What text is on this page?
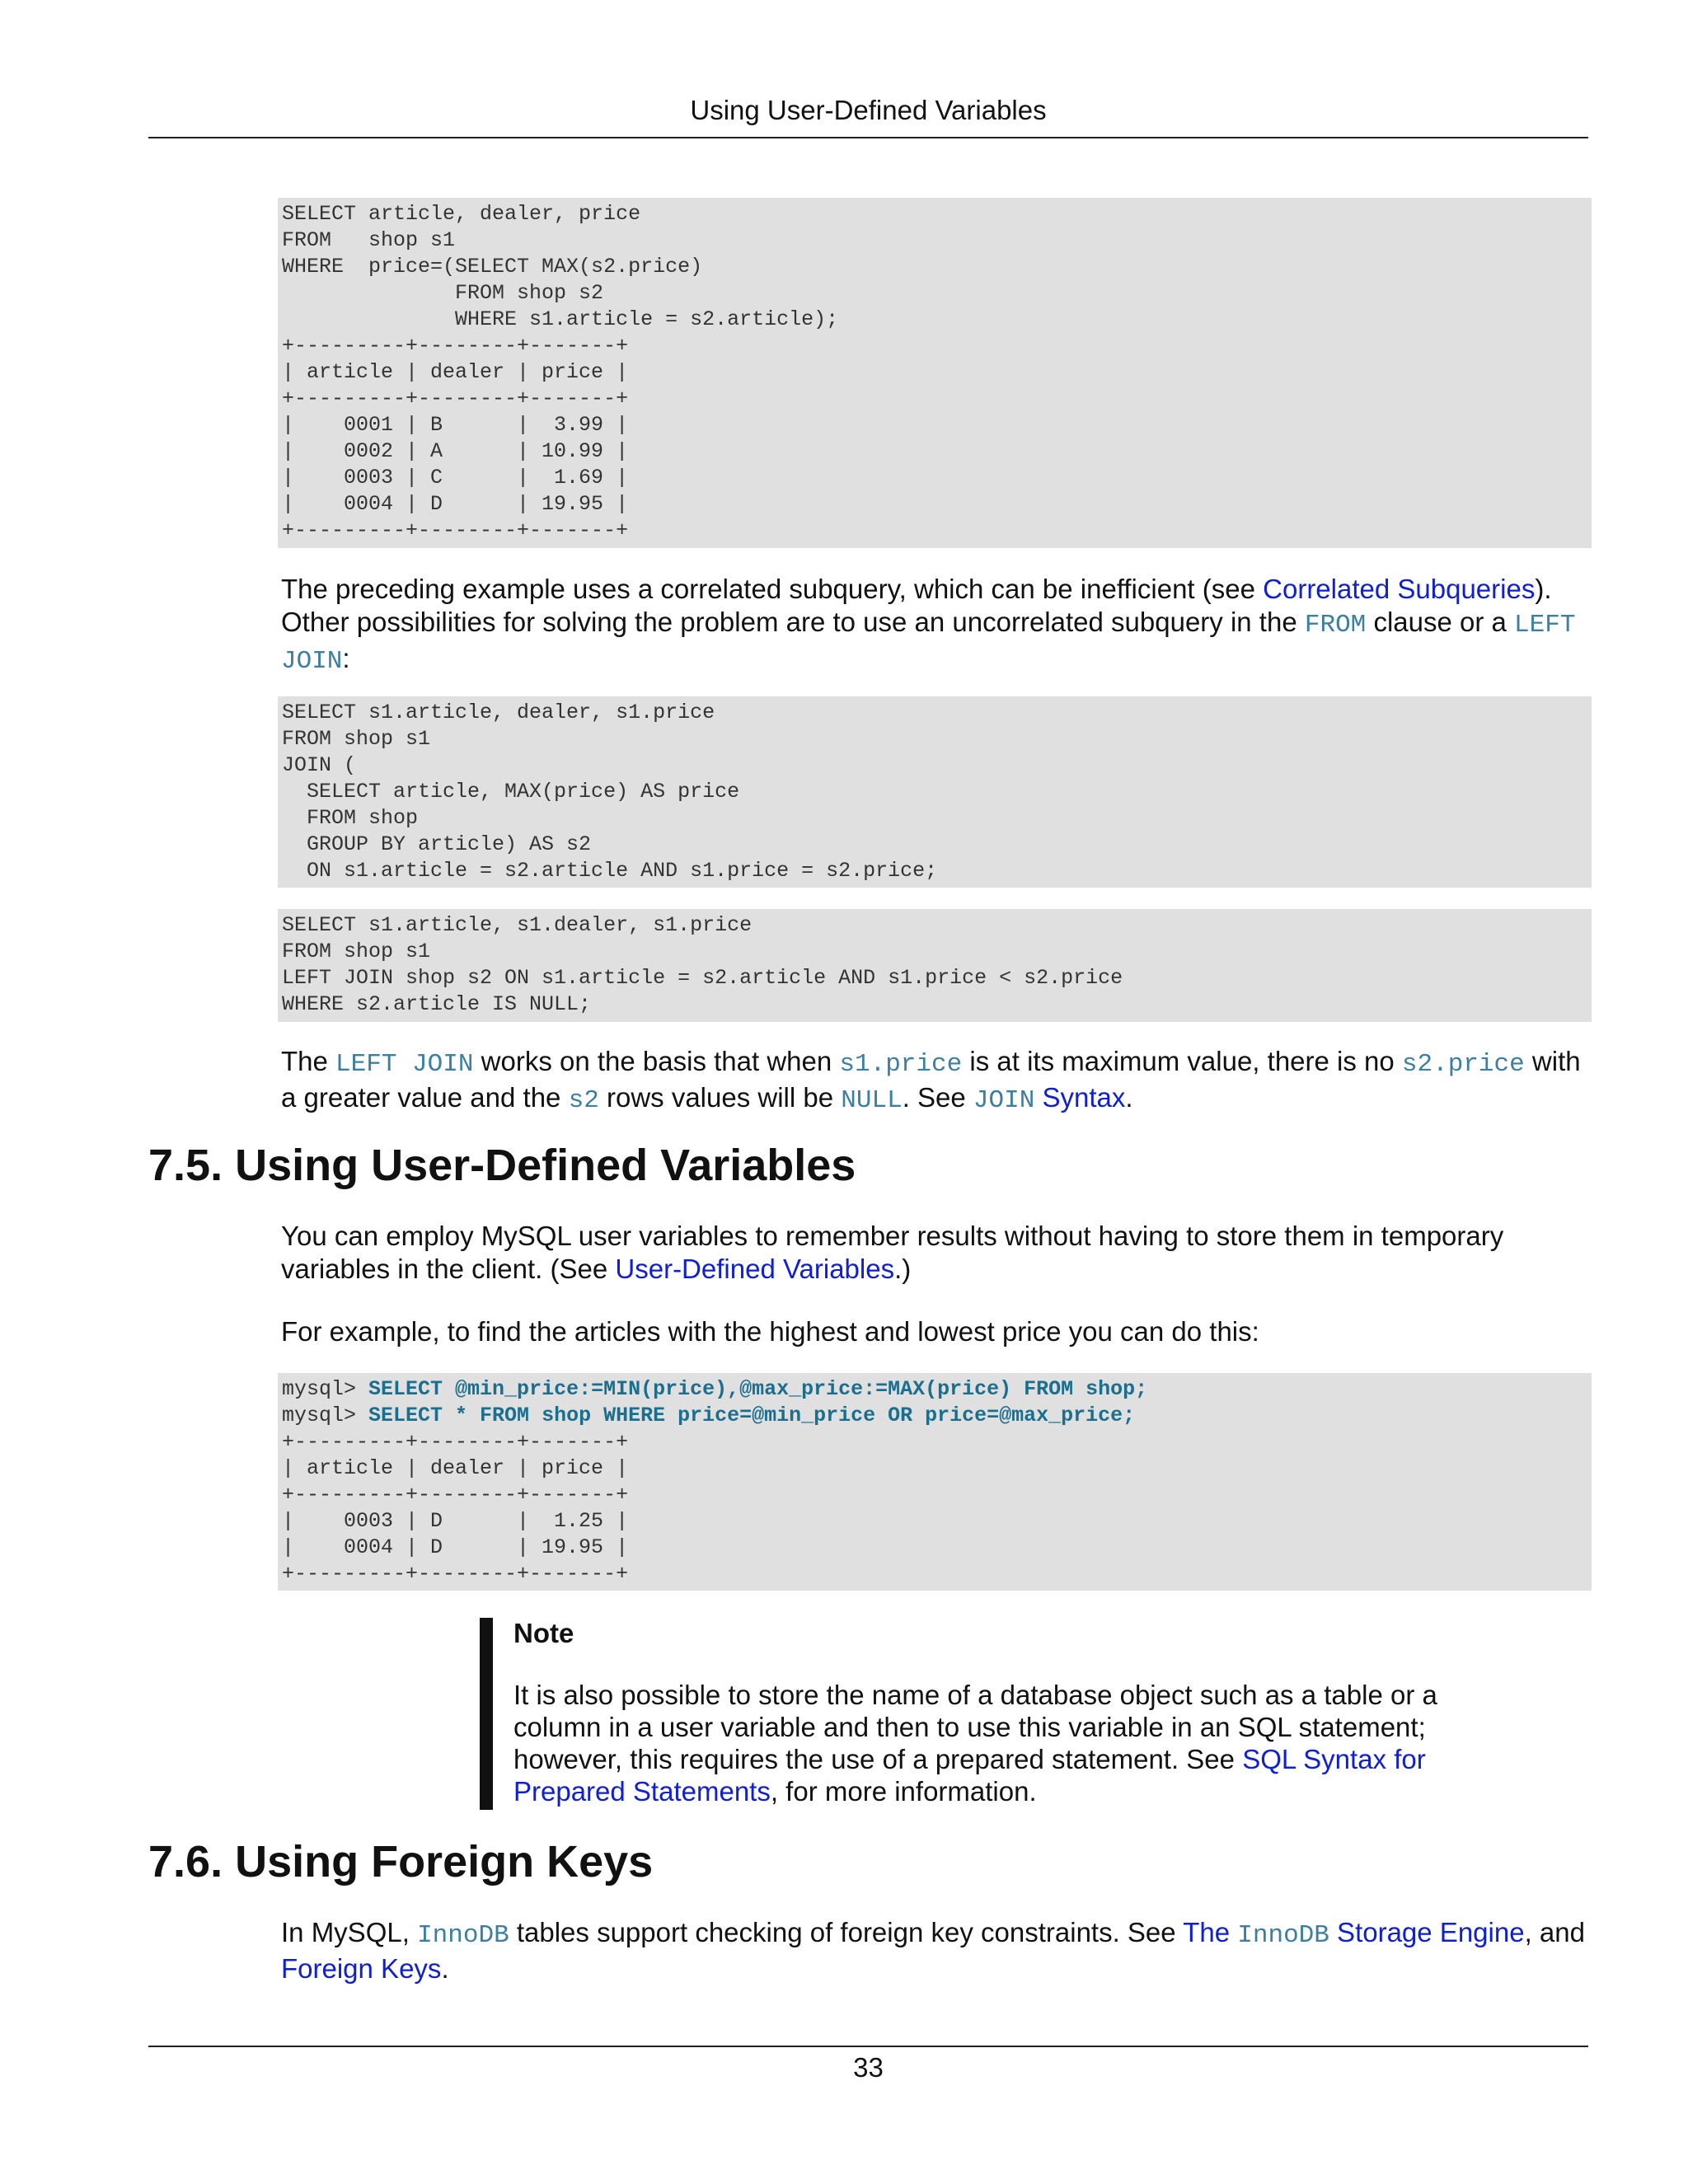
Using User-Defined Variables
SELECT article, dealer, price
FROM   shop s1
WHERE  price=(SELECT MAX(s2.price)
FROM shop s2
WHERE s1.article = s2.article);
+---------+--------+-------+
| article | dealer | price |
+---------+--------+-------+
|    0001 | B      |  3.99 |
|    0002 | A      | 10.99 |
|    0003 | C      |  1.69 |
|    0004 | D      | 19.95 |
+---------+--------+-------+

The preceding example uses a correlated subquery, which can be inefficient (see Correlated Subqueries). Other possibilities for solving the problem are to use an uncorrelated subquery in the FROM clause or a LEFT JOIN:

SELECT s1.article, dealer, s1.price
FROM shop s1
JOIN (
SELECT article, MAX(price) AS price
FROM shop
GROUP BY article) AS s2
ON s1.article = s2.article AND s1.price = s2.price;
SELECT s1.article, s1.dealer, s1.price
FROM shop s1
LEFT JOIN shop s2 ON s1.article = s2.article AND s1.price < s2.price
WHERE s2.article IS NULL;

The LEFT JOIN works on the basis that when s1.price is at its maximum value, there is no s2.price with a greater value and the s2 rows values will be NULL. See JOIN Syntax.

7.5. Using User-Defined Variables

You can employ MySQL user variables to remember results without having to store them in temporary variables in the client. (See User-Defined Variables.)

For example, to find the articles with the highest and lowest price you can do this:

mysql> SELECT @min_price:=MIN(price),@max_price:=MAX(price) FROM shop;
mysql> SELECT * FROM shop WHERE price=@min_price OR price=@max_price;
+---------+--------+-------+
| article | dealer | price |
+---------+--------+-------+
|    0003 | D      |  1.25 |
|    0004 | D      | 19.95 |
+---------+--------+-------+
Note

It is also possible to store the name of a database object such as a table or a column in a user variable and then to use this variable in an SQL statement; however, this requires the use of a prepared statement. See SQL Syntax for Prepared Statements, for more information.

7.6. Using Foreign Keys

In MySQL, InnoDB tables support checking of foreign key constraints. See The InnoDB Storage Engine, and Foreign Keys.

33
